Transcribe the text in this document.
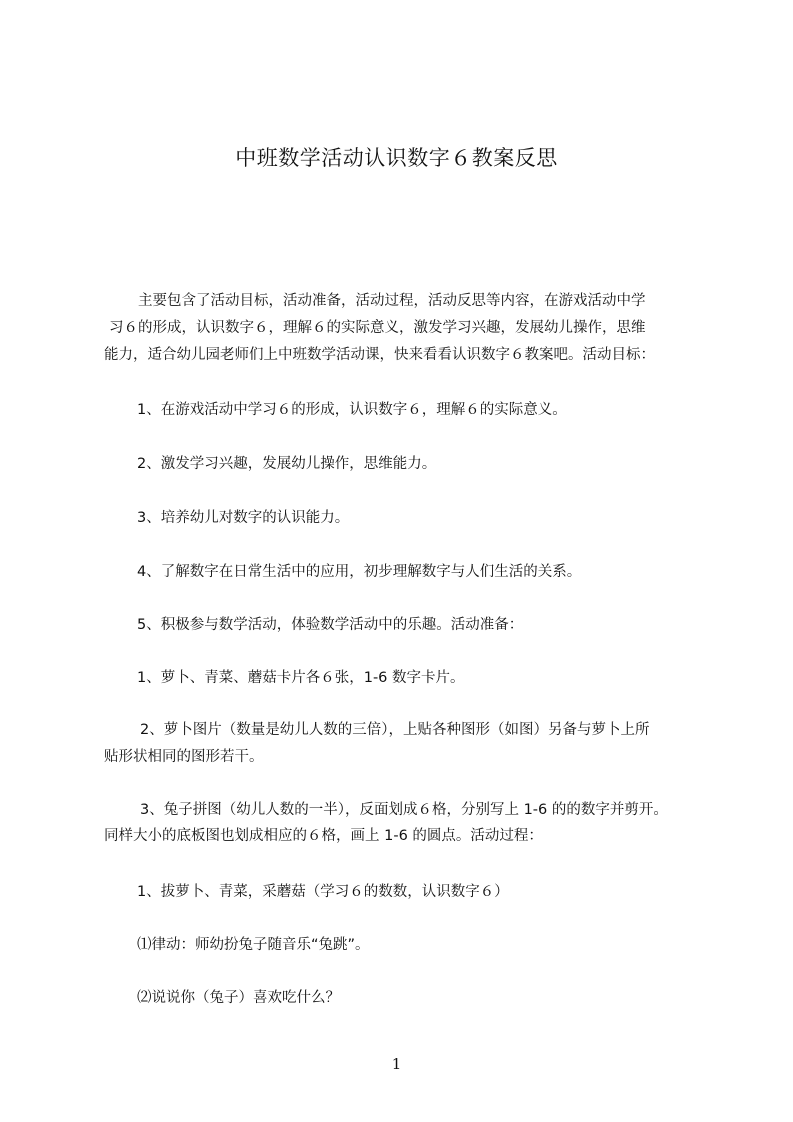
中班数学活动认识数字６教案反思
主要包含了活动目标，活动准备，活动过程，活动反思等内容，在游戏活动中学
习６的形成，认识数字６，理解６的实际意义，激发学习兴趣，发展幼儿操作，思维
能力，适合幼儿园老师们上中班数学活动课，快来看看认识数字６教案吧。活动目标：
1、在游戏活动中学习６的形成，认识数字６，理解６的实际意义。
2、激发学习兴趣，发展幼儿操作，思维能力。
3、培养幼儿对数字的认识能力。
4、了解数字在日常生活中的应用，初步理解数字与人们生活的关系。
5、积极参与数学活动，体验数学活动中的乐趣。活动准备：
1、萝卜、青菜、蘑菇卡片各６张，1-6 数字卡片。
2、萝卜图片（数量是幼儿人数的三倍），上贴各种图形（如图）另备与萝卜上所
贴形状相同的图形若干。
3、兔子拼图（幼儿人数的一半），反面划成６格，分别写上 1-6 的的数字并剪开。
同样大小的底板图也划成相应的６格，画上 1-6 的圆点。活动过程：
1、拔萝卜、青菜，采蘑菇（学习６的数数，认识数字６）
⑴律动：师幼扮兔子随音乐“兔跳”。
⑵说说你（兔子）喜欢吃什么？
1
